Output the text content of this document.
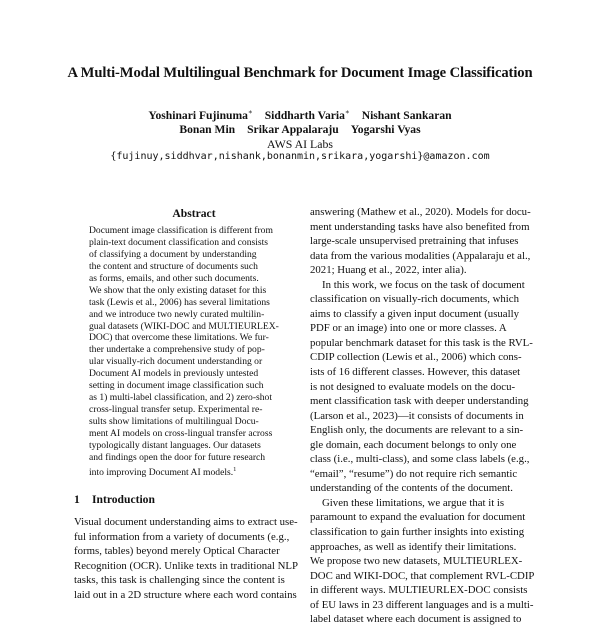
A Multi-Modal Multilingual Benchmark for Document Image Classification
Yoshinari Fujinuma∗ Siddharth Varia∗ Nishant Sankaran
Bonan Min Srikar Appalaraju Yogarshi Vyas
AWS AI Labs
{fujinuy,siddhvar,nishank,bonanmin,srikara,yogarshi}@amazon.com
Abstract
Document image classification is different from
plain-text document classification and consists
of classifying a document by understanding
the content and structure of documents such
as forms, emails, and other such documents.
We show that the only existing dataset for this
task (Lewis et al., 2006) has several limitations
and we introduce two newly curated multilin-
gual datasets (WIKI-DOC and MULTIEURLEX-
DOC) that overcome these limitations. We fur-
ther undertake a comprehensive study of pop-
ular visually-rich document understanding or
Document AI models in previously untested
setting in document image classification such
as 1) multi-label classification, and 2) zero-shot
cross-lingual transfer setup. Experimental re-
sults show limitations of multilingual Docu-
ment AI models on cross-lingual transfer across
typologically distant languages. Our datasets
and findings open the door for future research
into improving Document AI models.$^1$
1 Introduction
Visual document understanding aims to extract use-
ful information from a variety of documents (e.g.,
forms, tables) beyond merely Optical Character
Recognition (OCR). Unlike texts in traditional NLP
tasks, this task is challenging since the content is
laid out in a 2D structure where each word contains
answering (Mathew et al., 2020). Models for docu-
ment understanding tasks have also benefited from
large-scale unsupervised pretraining that infuses
data from the various modalities (Appalaraju et al.,
2021; Huang et al., 2022, inter alia).
In this work, we focus on the task of document
classification on visually-rich documents, which
aims to classify a given input document (usually
PDF or an image) into one or more classes. A
popular benchmark dataset for this task is the RVL-
CDIP collection (Lewis et al., 2006) which cons-
ists of 16 different classes. However, this dataset
is not designed to evaluate models on the docu-
ment classification task with deeper understanding
(Larson et al., 2023)—it consists of documents in
English only, the documents are relevant to a sin-
gle domain, each document belongs to only one
class (i.e., multi-class), and some class labels (e.g.,
“email”, “resume”) do not require rich semantic
understanding of the contents of the document.
Given these limitations, we argue that it is
paramount to expand the evaluation for document
classification to gain further insights into existing
approaches, as well as identify their limitations.
We propose two new datasets, MULTIEURLEX-
DOC and WIKI-DOC, that complement RVL-CDIP
in different ways. MULTIEURLEX-DOC consists
of EU laws in 23 different languages and is a multi-
label dataset where each document is assigned to
